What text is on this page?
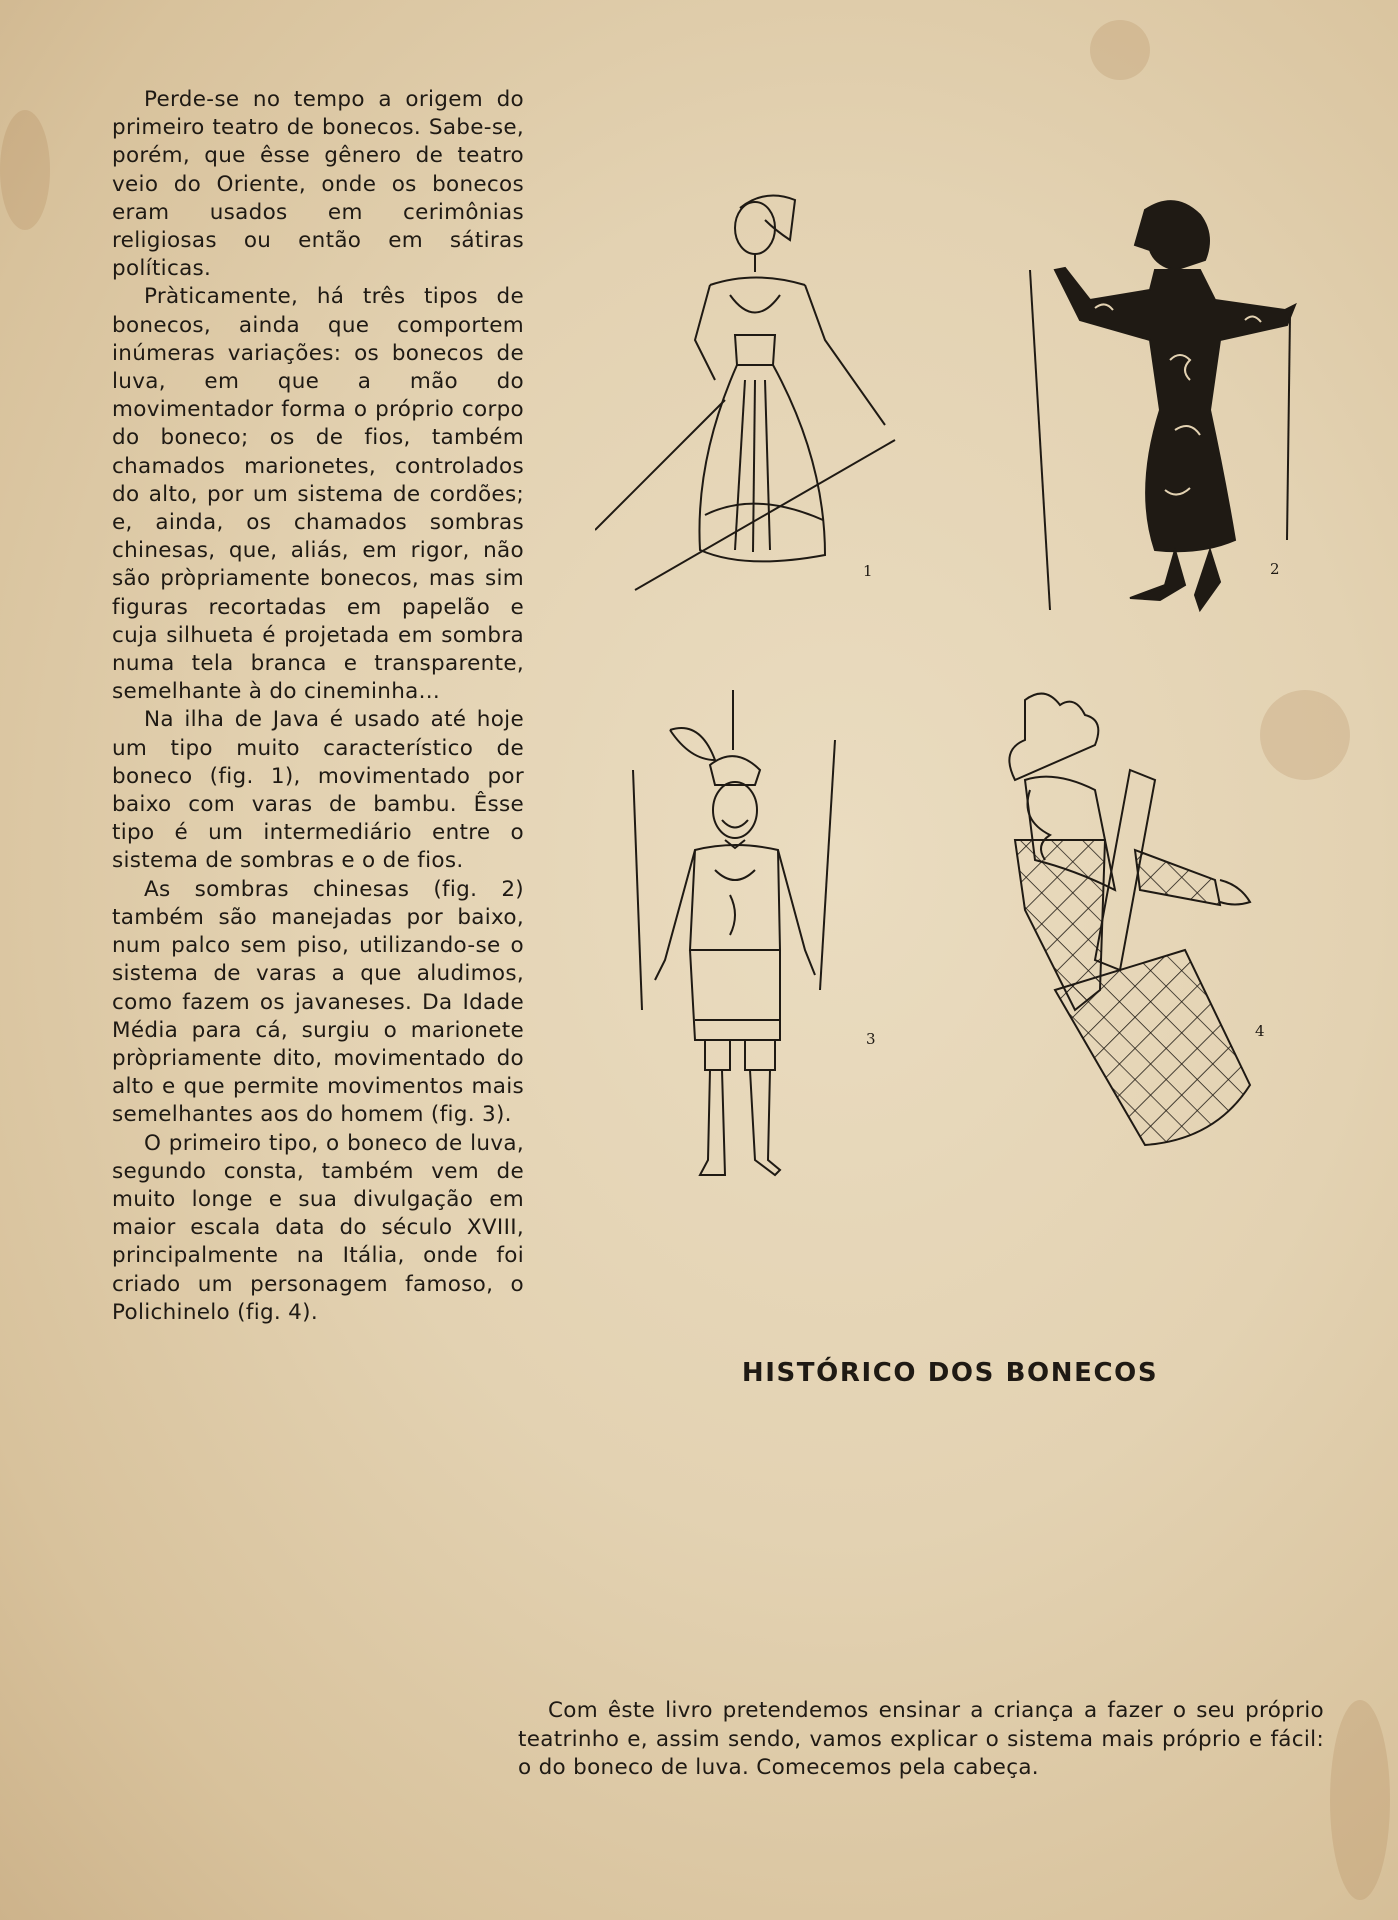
Perde-se no tempo a origem do primeiro teatro de bonecos. Sabe-se, porém, que êsse gênero de teatro veio do Oriente, onde os bonecos eram usados em cerimônias religiosas ou então em sátiras políticas.

Pràticamente, há três tipos de bonecos, ainda que comportem inúmeras variações: os bonecos de luva, em que a mão do movimentador forma o próprio corpo do boneco; os de fios, também chamados marionetes, controlados do alto, por um sistema de cordões; e, ainda, os chamados sombras chinesas, que, aliás, em rigor, não são pròpriamente bonecos, mas sim figuras recortadas em papelão e cuja silhueta é projetada em sombra numa tela branca e transparente, semelhante à do cineminha...

Na ilha de Java é usado até hoje um tipo muito característico de boneco (fig. 1), movimentado por baixo com varas de bambu. Êsse tipo é um intermediário entre o sistema de sombras e o de fios.

As sombras chinesas (fig. 2) também são manejadas por baixo, num palco sem piso, utilizando-se o sistema de varas a que aludimos, como fazem os javaneses. Da Idade Média para cá, surgiu o marionete pròpriamente dito, movimentado do alto e que permite movimentos mais semelhantes aos do homem (fig. 3).

O primeiro tipo, o boneco de luva, segundo consta, também vem de muito longe e sua divulgação em maior escala data do século XVIII, principalmente na Itália, onde foi criado um personagem famoso, o Polichinelo (fig. 4).

1	2
3	4
HISTÓRICO DOS BONECOS

Com êste livro pretendemos ensinar a criança a fazer o seu próprio teatrinho e, assim sendo, vamos explicar o sistema mais próprio e fácil: o do boneco de luva. Comecemos pela cabeça.
